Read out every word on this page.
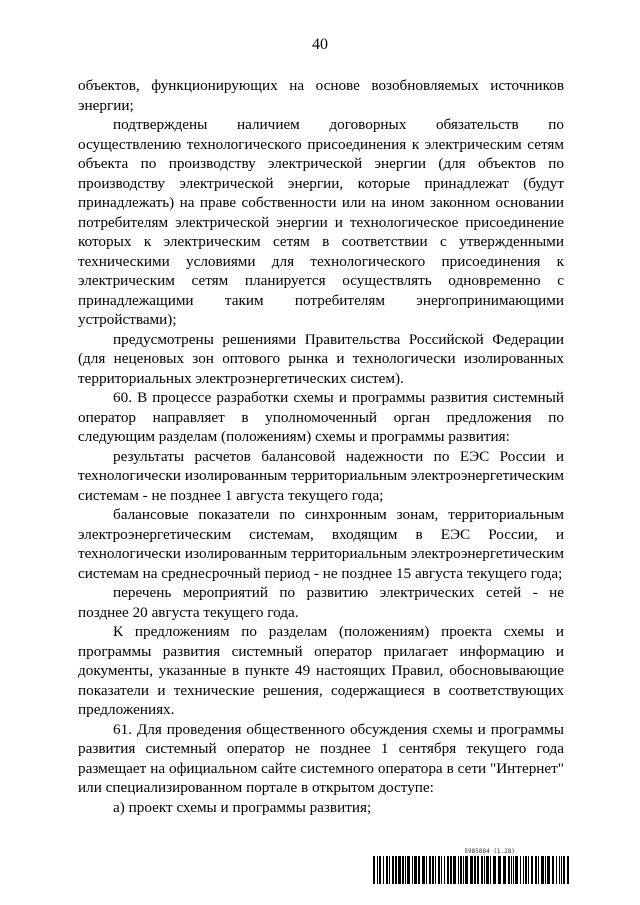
40

объектов, функционирующих на основе возобновляемых источников энергии;

подтверждены наличием договорных обязательств по осуществлению технологического присоединения к электрическим сетям объекта по производству электрической энергии (для объектов по производству электрической энергии, которые принадлежат (будут принадлежать) на праве собственности или на ином законном основании потребителям электрической энергии и технологическое присоединение которых к электрическим сетям в соответствии с утвержденными техническими условиями для технологического присоединения к электрическим сетям планируется осуществлять одновременно с принадлежащими таким потребителям энергопринимающими устройствами);

предусмотрены решениями Правительства Российской Федерации (для неценовых зон оптового рынка и технологически изолированных территориальных электроэнергетических систем).

60. В процессе разработки схемы и программы развития системный оператор направляет в уполномоченный орган предложения по следующим разделам (положениям) схемы и программы развития:

результаты расчетов балансовой надежности по ЕЭС России и технологически изолированным территориальным электроэнергетическим системам - не позднее 1 августа текущего года;

балансовые показатели по синхронным зонам, территориальным электроэнергетическим системам, входящим в ЕЭС России, и технологически изолированным территориальным электроэнергетическим системам на среднесрочный период - не позднее 15 августа текущего года;

перечень мероприятий по развитию электрических сетей - не позднее 20 августа текущего года.

К предложениям по разделам (положениям) проекта схемы и программы развития системный оператор прилагает информацию и документы, указанные в пункте 49 настоящих Правил, обосновывающие показатели и технические решения, содержащиеся в соответствующих предложениях.

61. Для проведения общественного обсуждения схемы и программы развития системный оператор не позднее 1 сентября текущего года размещает на официальном сайте системного оператора в сети "Интернет" или специализированном портале в открытом доступе:

а) проект схемы и программы развития;

5985884 (1.28)
